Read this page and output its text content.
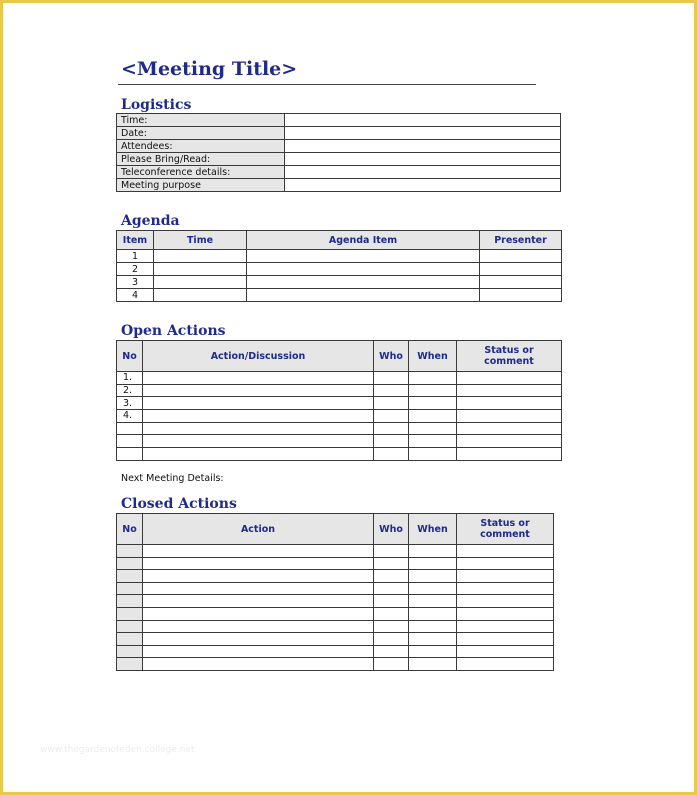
<Meeting Title>
Logistics
Time:	
Date:	
Attendees:	
Please Bring/Read:	
Teleconference details:	
Meeting purpose	
Agenda
Item	Time	Agenda Item	Presenter
1			
2			
3			
4			
Open Actions
No	Action/Discussion	Who	When	Status or comment
1.				
2.				
3.				
4.				

Next Meeting Details:
Closed Actions
No	Action	Who	When	Status or comment

www.thegardenofeden.college.net
